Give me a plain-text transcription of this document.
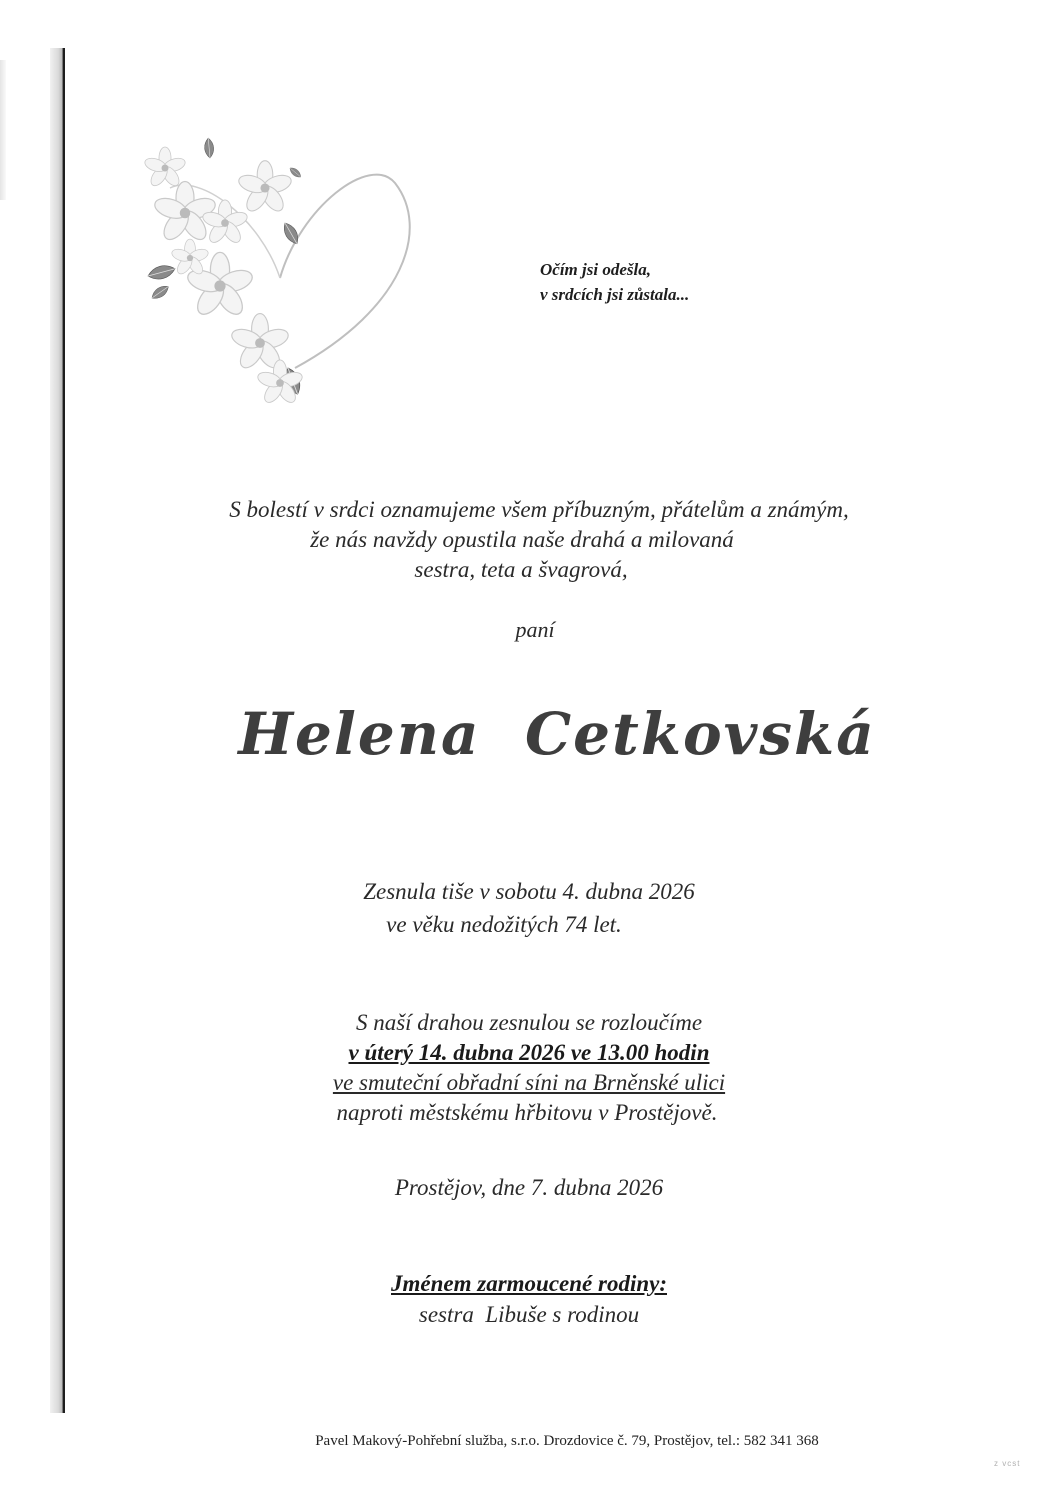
Očím jsi odešla,
v srdcích jsi zůstala...
S bolestí v srdci oznamujeme všem příbuzným, přátelům a známým,
že nás navždy opustila naše drahá a milovaná
sestra, teta a švagrová,
paní
Helena  Cetkovská
Zesnula tiše v sobotu 4. dubna 2026
ve věku nedožitých 74 let.
S naší drahou zesnulou se rozloučíme
v úterý 14. dubna 2026 ve 13.00 hodin
ve smuteční obřadní síni na Brněnské ulici
naproti městskému hřbitovu v Prostějově.
Prostějov, dne 7. dubna 2026
Jménem zarmoucené rodiny:
sestra  Libuše s rodinou
Pavel Makový-Pohřební služba, s.r.o. Drozdovice č. 79, Prostějov, tel.: 582 341 368
z vcst
